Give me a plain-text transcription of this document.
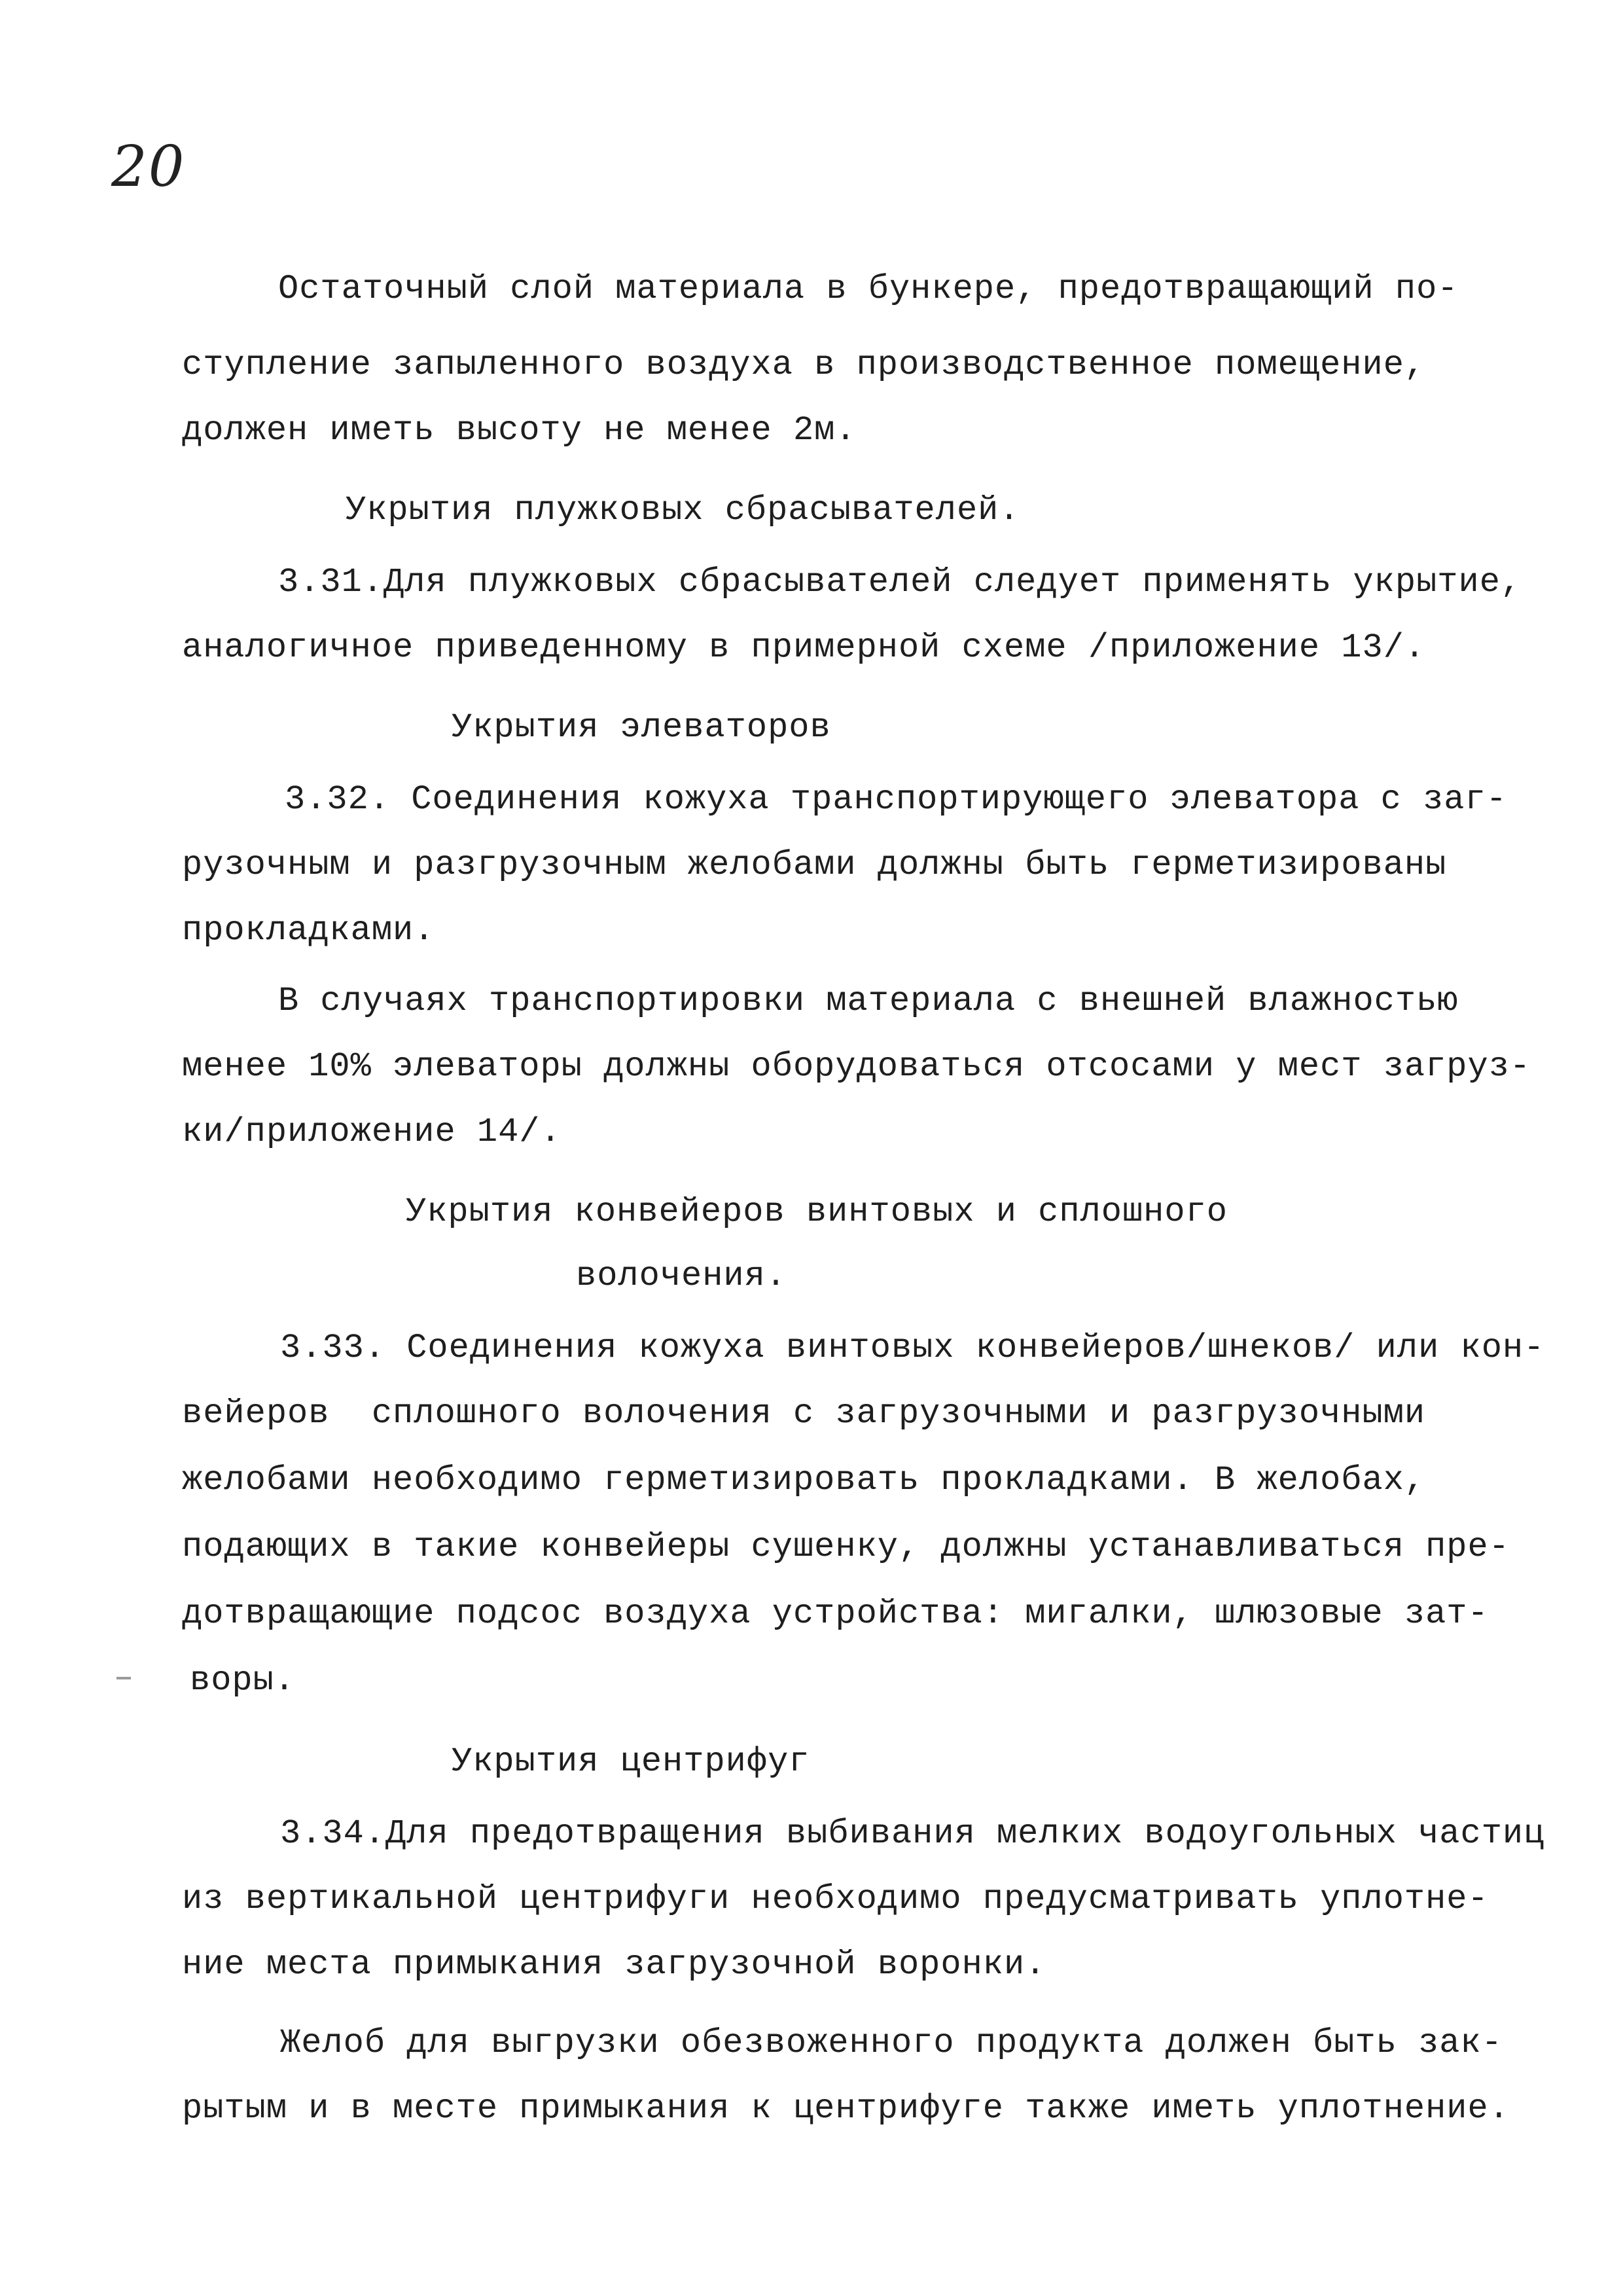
20
Остаточный слой материала в бункере, предотвращающий по-
ступление запыленного воздуха в производственное помещение,
должен иметь высоту не менее 2м.
Укрытия плужковых сбрасывателей.
3.31.Для плужковых сбрасывателей следует применять укрытие,
аналогичное приведенному в примерной схеме /приложение 13/.
Укрытия элеваторов
3.32. Соединения кожуха транспортирующего элеватора с заг-
рузочным и разгрузочным желобами должны быть герметизированы
прокладками.
В случаях транспортировки материала с внешней влажностью
менее 10% элеваторы должны оборудоваться отсосами у мест загруз-
ки/приложение 14/.
Укрытия конвейеров винтовых и сплошного
волочения.
3.33. Соединения кожуха винтовых конвейеров/шнеков/ или кон-
вейеров  сплошного волочения с загрузочными и разгрузочными
желобами необходимо герметизировать прокладками. В желобах,
подающих в такие конвейеры сушенку, должны устанавливаться пре-
дотвращающие подсос воздуха устройства: мигалки, шлюзовые зат-
воры.
Укрытия центрифуг
3.34.Для предотвращения выбивания мелких водоугольных частиц
из вертикальной центрифуги необходимо предусматривать уплотне-
ние места примыкания загрузочной воронки.
Желоб для выгрузки обезвоженного продукта должен быть зак-
рытым и в месте примыкания к центрифуге также иметь уплотнение.
